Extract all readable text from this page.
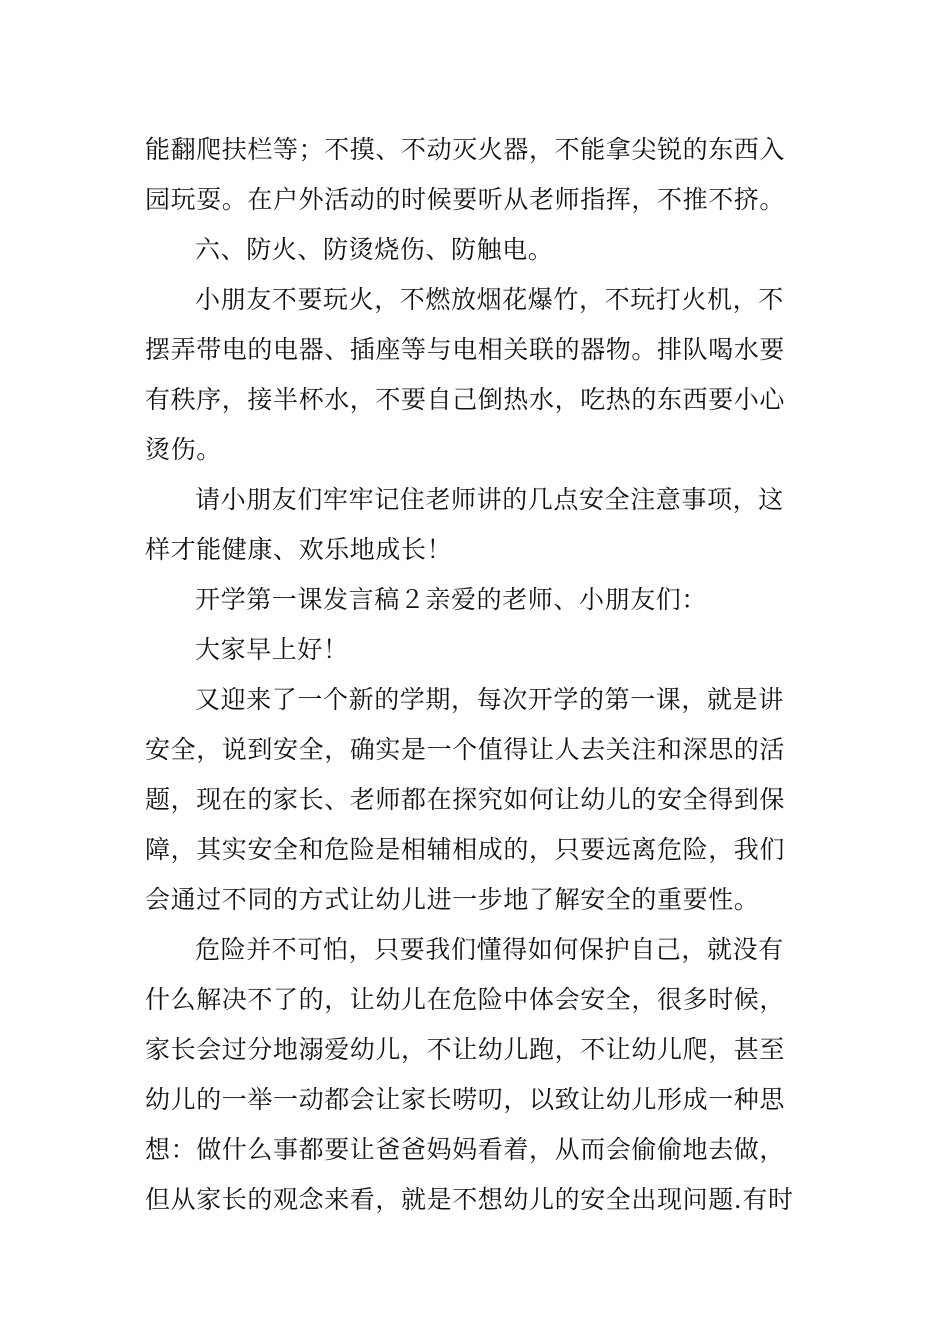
能翻爬扶栏等；不摸、不动灭火器，不能拿尖锐的东西入
园玩耍。在户外活动的时候要听从老师指挥，不推不挤。
六、防火、防烫烧伤、防触电。
小朋友不要玩火，不燃放烟花爆竹，不玩打火机，不
摆弄带电的电器、插座等与电相关联的器物。排队喝水要
有秩序，接半杯水，不要自己倒热水，吃热的东西要小心
烫伤。
请小朋友们牢牢记住老师讲的几点安全注意事项，这
样才能健康、欢乐地成长！
开学第一课发言稿２亲爱的老师、小朋友们：
大家早上好！
又迎来了一个新的学期，每次开学的第一课，就是讲
安全，说到安全，确实是一个值得让人去关注和深思的活
题，现在的家长、老师都在探究如何让幼儿的安全得到保
障，其实安全和危险是相辅相成的，只要远离危险，我们
会通过不同的方式让幼儿进一步地了解安全的重要性。
危险并不可怕，只要我们懂得如何保护自己，就没有
什么解决不了的，让幼儿在危险中体会安全，很多时候，
家长会过分地溺爱幼儿，不让幼儿跑，不让幼儿爬，甚至
幼儿的一举一动都会让家长唠叨，以致让幼儿形成一种思
想：做什么事都要让爸爸妈妈看着，从而会偷偷地去做，
但从家长的观念来看，就是不想幼儿的安全出现问题.有时
